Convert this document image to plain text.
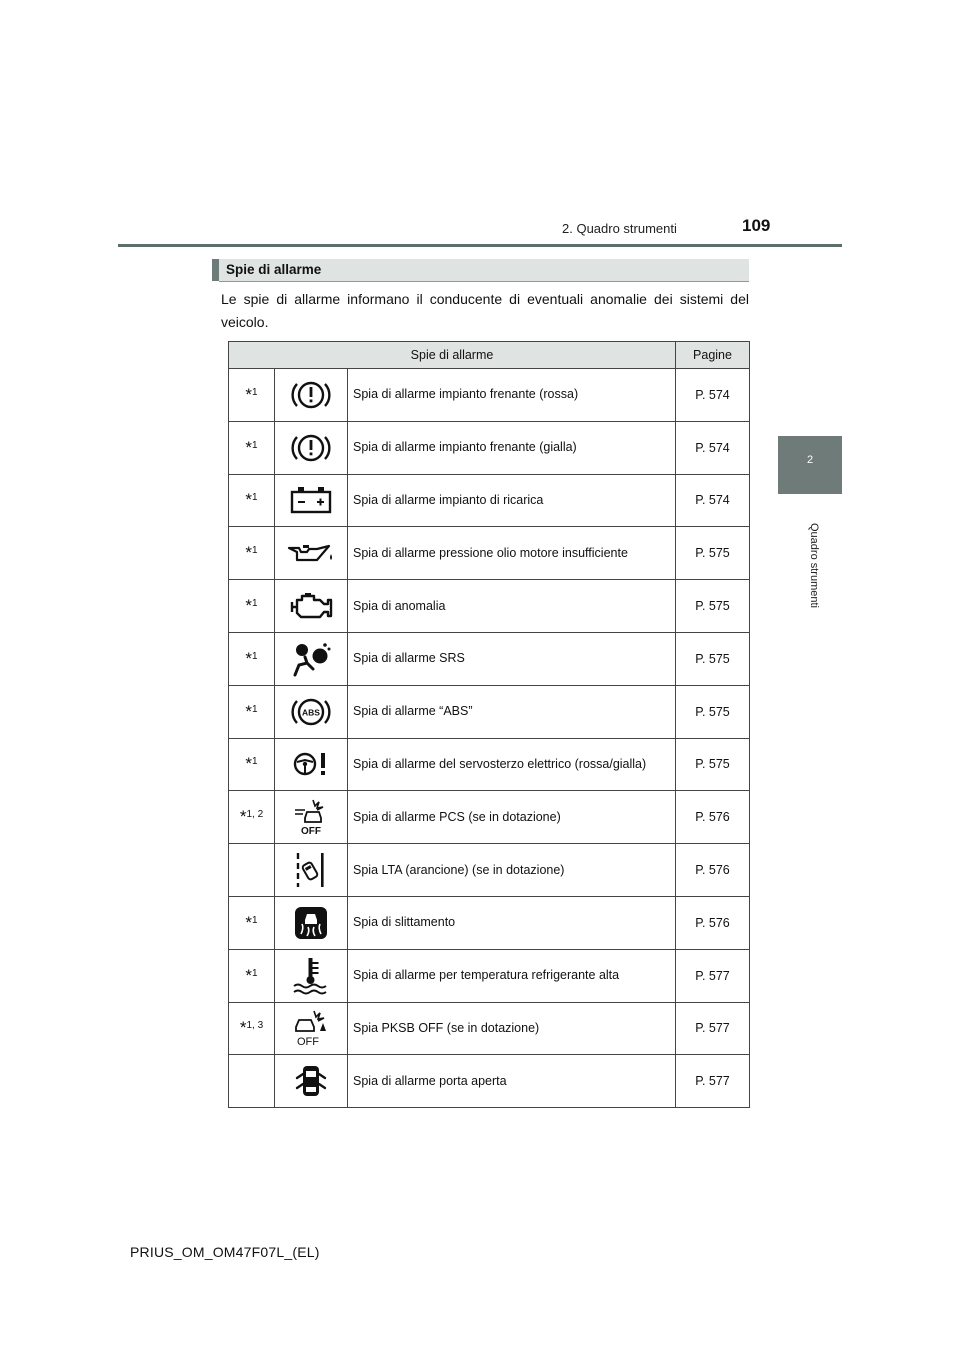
2. Quadro strumenti	109
2
Quadro strumenti
Spie di allarme
Le spie di allarme informano il conducente di eventuali anomalie dei sistemi del veicolo.
Spie di allarme			Pagine
*1		Spia di allarme impianto frenante (rossa)	P. 574
*1		Spia di allarme impianto frenante (gialla)	P. 574
*1		Spia di allarme impianto di ricarica	P. 574
*1		Spia di allarme pressione olio motore insufficiente	P. 575
*1		Spia di anomalia	P. 575
*1		Spia di allarme SRS	P. 575
*1	ABS	Spia di allarme “ABS”	P. 575
*1		Spia di allarme del servosterzo elettrico (rossa/gialla)	P. 575
*1, 2	OFF	Spia di allarme PCS (se in dotazione)	P. 576

	Spia LTA (arancione) (se in dotazione)	P. 576
*1		Spia di slittamento	P. 576
*1		Spia di allarme per temperatura refrigerante alta	P. 577
*1, 3	OFF	Spia PKSB OFF (se in dotazione)	P. 577

	Spia di allarme porta aperta	P. 577
PRIUS_OM_OM47F07L_(EL)
